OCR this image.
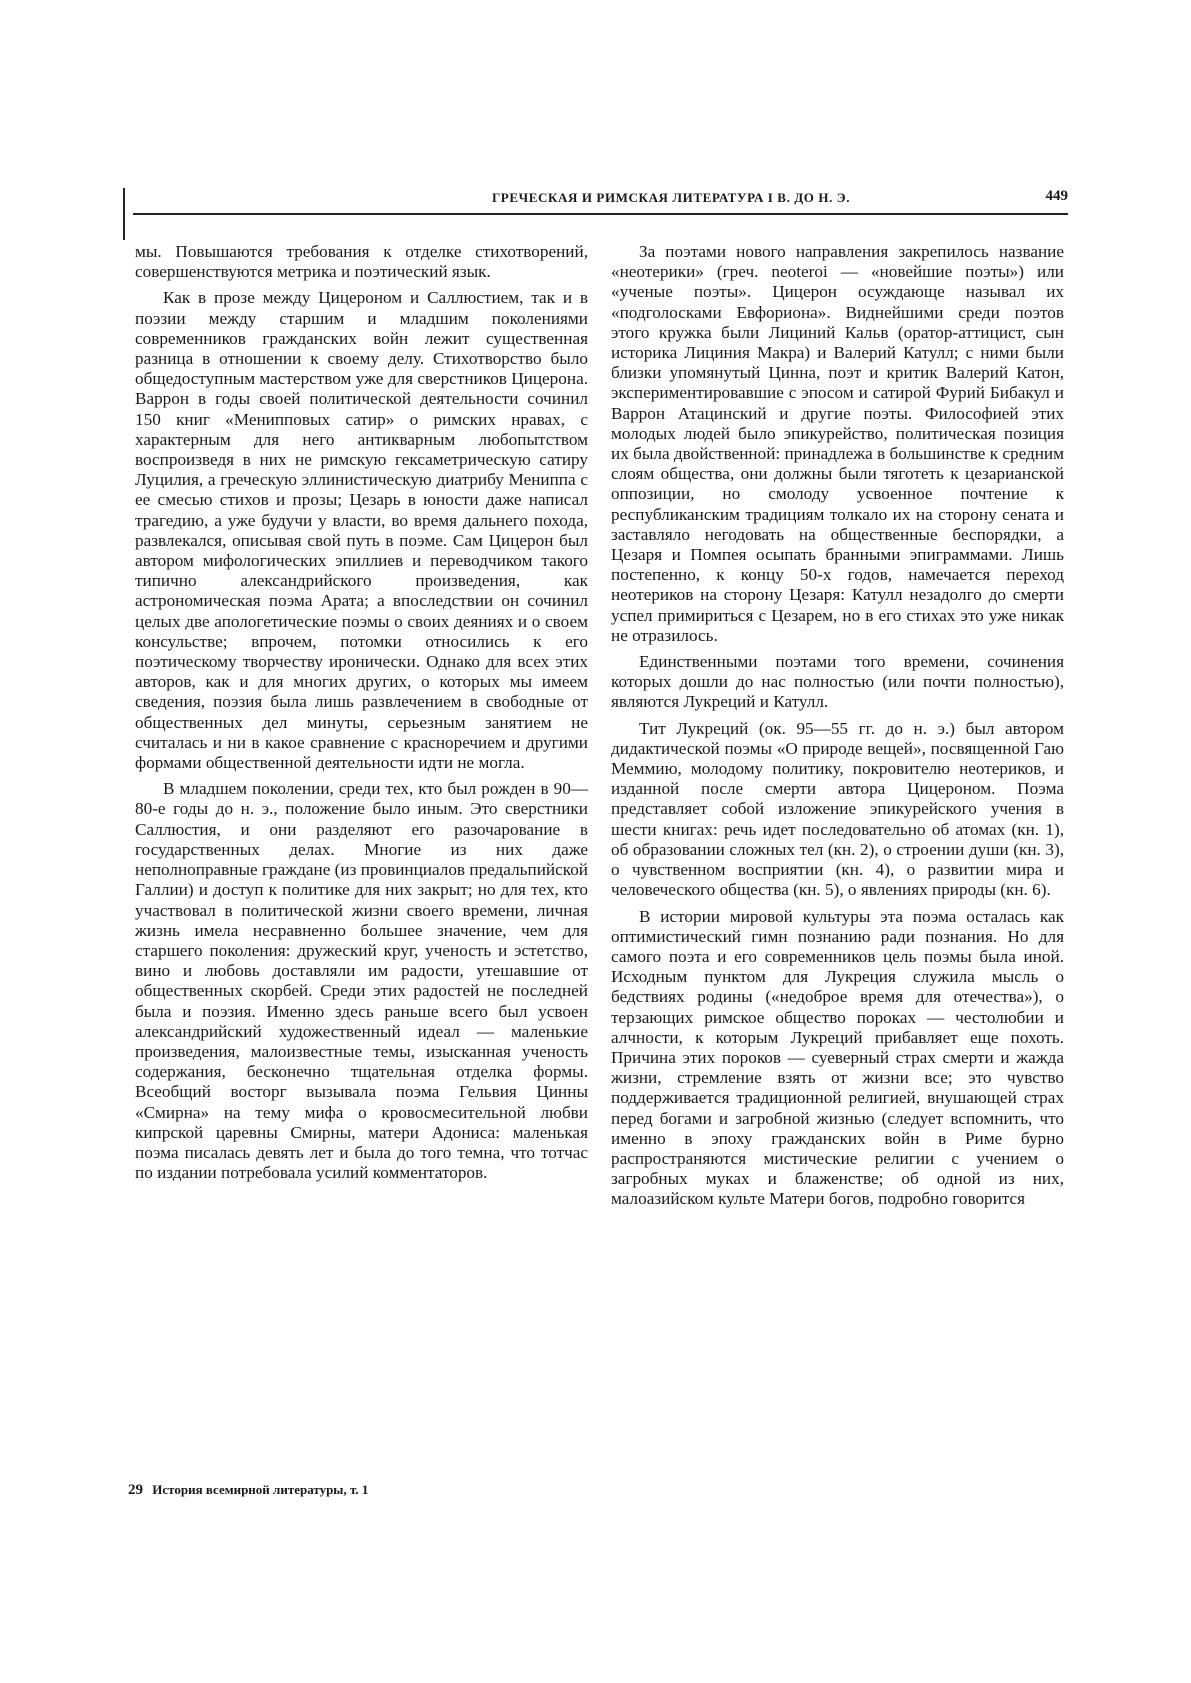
ГРЕЧЕСКАЯ И РИМСКАЯ ЛИТЕРАТУРА I В. ДО Н. Э.	449

мы. Повышаются требования к отделке стихотворений, совершенствуются метрика и поэтический язык.

Как в прозе между Цицероном и Саллюстием, так и в поэзии между старшим и младшим поколениями современников гражданских войн лежит существенная разница в отношении к своему делу. Стихотворство было общедоступным мастерством уже для сверстников Цицерона. Варрон в годы своей политической деятельности сочинил 150 книг «Менипповых сатир» о римских нравах, с характерным для него антикварным любопытством воспроизведя в них не римскую гексаметрическую сатиру Луцилия, а греческую эллинистическую диатрибу Мениппа с ее смесью стихов и прозы; Цезарь в юности даже написал трагедию, а уже будучи у власти, во время дальнего похода, развлекался, описывая свой путь в поэме. Сам Цицерон был автором мифологических эпиллиев и переводчиком такого типично александрийского произведения, как астрономическая поэма Арата; а впоследствии он сочинил целых две апологетические поэмы о своих деяниях и о своем консульстве; впрочем, потомки относились к его поэтическому творчеству иронически. Однако для всех этих авторов, как и для многих других, о которых мы имеем сведения, поэзия была лишь развлечением в свободные от общественных дел минуты, серьезным занятием не считалась и ни в какое сравнение с красноречием и другими формами общественной деятельности идти не могла.

В младшем поколении, среди тех, кто был рожден в 90—80-е годы до н. э., положение было иным. Это сверстники Саллюстия, и они разделяют его разочарование в государственных делах. Многие из них даже неполноправные граждане (из провинциалов предальпийской Галлии) и доступ к политике для них закрыт; но для тех, кто участвовал в политической жизни своего времени, личная жизнь имела несравненно большее значение, чем для старшего поколения: дружеский круг, ученость и эстетство, вино и любовь доставляли им радости, утешавшие от общественных скорбей. Среди этих радостей не последней была и поэзия. Именно здесь раньше всего был усвоен александрийский художественный идеал — маленькие произведения, малоизвестные темы, изысканная ученость содержания, бесконечно тщательная отделка формы. Всеобщий восторг вызывала поэма Гельвия Цинны «Смирна» на тему мифа о кровосмесительной любви кипрской царевны Смирны, матери Адониса: маленькая поэма писалась девять лет и была до того темна, что тотчас по издании потребовала усилий комментаторов.

За поэтами нового направления закрепилось название «неотерики» (греч. neoteroi — «новейшие поэты») или «ученые поэты». Цицерон осуждающе называл их «подголосками Евфориона». Виднейшими среди поэтов этого кружка были Лициний Кальв (оратор-аттицист, сын историка Лициния Макра) и Валерий Катулл; с ними были близки упомянутый Цинна, поэт и критик Валерий Катон, экспериментировавшие с эпосом и сатирой Фурий Бибакул и Варрон Атацинский и другие поэты. Философией этих молодых людей было эпикурейство, политическая позиция их была двойственной: принадлежа в большинстве к средним слоям общества, они должны были тяготеть к цезарианской оппозиции, но смолоду усвоенное почтение к республиканским традициям толкало их на сторону сената и заставляло негодовать на общественные беспорядки, а Цезаря и Помпея осыпать бранными эпиграммами. Лишь постепенно, к концу 50-х годов, намечается переход неотериков на сторону Цезаря: Катулл незадолго до смерти успел примириться с Цезарем, но в его стихах это уже никак не отразилось.

Единственными поэтами того времени, сочинения которых дошли до нас полностью (или почти полностью), являются Лукреций и Катулл.

Тит Лукреций (ок. 95—55 гг. до н. э.) был автором дидактической поэмы «О природе вещей», посвященной Гаю Меммию, молодому политику, покровителю неотериков, и изданной после смерти автора Цицероном. Поэма представляет собой изложение эпикурейского учения в шести книгах: речь идет последовательно об атомах (кн. 1), об образовании сложных тел (кн. 2), о строении души (кн. 3), о чувственном восприятии (кн. 4), о развитии мира и человеческого общества (кн. 5), о явлениях природы (кн. 6).

В истории мировой культуры эта поэма осталась как оптимистический гимн познанию ради познания. Но для самого поэта и его современников цель поэмы была иной. Исходным пунктом для Лукреция служила мысль о бедствиях родины («недоброе время для отечества»), о терзающих римское общество пороках — честолюбии и алчности, к которым Лукреций прибавляет еще похоть. Причина этих пороков — суеверный страх смерти и жажда жизни, стремление взять от жизни все; это чувство поддерживается традиционной религией, внушающей страх перед богами и загробной жизнью (следует вспомнить, что именно в эпоху гражданских войн в Риме бурно распространяются мистические религии с учением о загробных муках и блаженстве; об одной из них, малоазийском культе Матери богов, подробно говорится

29 История всемирной литературы, т. 1
